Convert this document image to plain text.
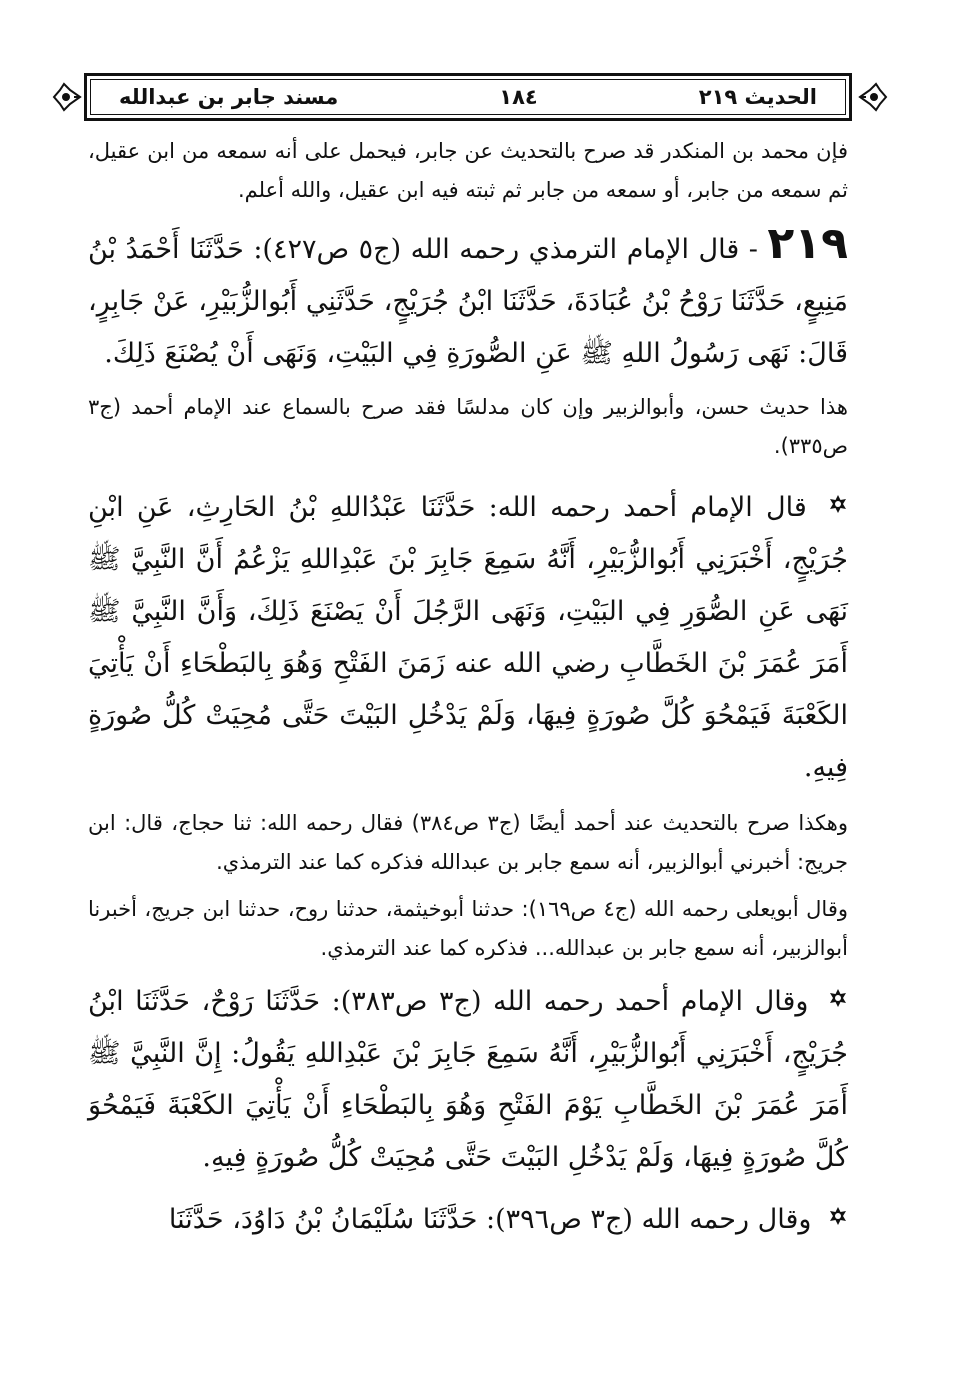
الحديث ٢١٩
١٨٤
مسند جابر بن عبدالله

فإن محمد بن المنكدر قد صرح بالتحديث عن جابر، فيحمل على أنه سمعه من ابن عقيل، ثم سمعه من جابر، أو سمعه من جابر ثم ثبته فيه ابن عقيل، والله أعلم.

٢١٩ - قال الإمام الترمذي رحمه الله (ج٥ ص٤٢٧): حَدَّثَنَا أَحْمَدُ بْنُ مَنِيعٍ، حَدَّثَنَا رَوْحُ بْنُ عُبَادَةَ، حَدَّثَنَا ابْنُ جُرَيْجٍ، حَدَّثَنِي أَبُوالزُّبَيْرِ، عَنْ جَابِرٍ، قَالَ: نَهَى رَسُولُ اللهِ ﷺ عَنِ الصُّورَةِ فِي البَيْتِ، وَنَهَى أَنْ يُصْنَعَ ذَلِكَ.

هذا حديث حسن، وأبوالزبير وإن كان مدلسًا فقد صرح بالسماع عند الإمام أحمد (ج٣ ص٣٣٥).

قال الإمام أحمد رحمه الله: حَدَّثَنَا عَبْدُاللهِ بْنُ الحَارِثِ، عَنِ ابْنِ جُرَيْجٍ، أَخْبَرَنِي أَبُوالزُّبَيْرِ، أَنَّهُ سَمِعَ جَابِرَ بْنَ عَبْدِاللهِ يَزْعُمُ أَنَّ النَّبِيَّ ﷺ نَهَى عَنِ الصُّوَرِ فِي البَيْتِ، وَنَهَى الرَّجُلَ أَنْ يَصْنَعَ ذَلِكَ، وَأَنَّ النَّبِيَّ ﷺ أَمَرَ عُمَرَ بْنَ الخَطَّابِ رضي الله عنه زَمَنَ الفَتْحِ وَهُوَ بِالبَطْحَاءِ أَنْ يَأْتِيَ الكَعْبَةَ فَيَمْحُوَ كُلَّ صُورَةٍ فِيهَا، وَلَمْ يَدْخُلِ البَيْتَ حَتَّى مُحِيَتْ كُلُّ صُورَةٍ فِيهِ.

وهكذا صرح بالتحديث عند أحمد أيضًا (ج٣ ص٣٨٤) فقال رحمه الله: ثنا حجاج، قال: ابن جريج: أخبرني أبوالزبير، أنه سمع جابر بن عبدالله فذكره كما عند الترمذي.

وقال أبويعلى رحمه الله (ج٤ ص١٦٩): حدثنا أبوخيثمة، حدثنا روح، حدثنا ابن جريج، أخبرنا أبوالزبير، أنه سمع جابر بن عبدالله... فذكره كما عند الترمذي.

وقال الإمام أحمد رحمه الله (ج٣ ص٣٨٣): حَدَّثَنَا رَوْحٌ، حَدَّثَنَا ابْنُ جُرَيْجٍ، أَخْبَرَنِي أَبُوالزُّبَيْرِ، أَنَّهُ سَمِعَ جَابِرَ بْنَ عَبْدِاللهِ يَقُولُ: إِنَّ النَّبِيَّ ﷺ أَمَرَ عُمَرَ بْنَ الخَطَّابِ يَوْمَ الفَتْحِ وَهُوَ بِالبَطْحَاءِ أَنْ يَأْتِيَ الكَعْبَةَ فَيَمْحُوَ كُلَّ صُورَةٍ فِيهَا، وَلَمْ يَدْخُلِ البَيْتَ حَتَّى مُحِيَتْ كُلُّ صُورَةٍ فِيهِ.

وقال رحمه الله (ج٣ ص٣٩٦): حَدَّثَنَا سُلَيْمَانُ بْنُ دَاوُدَ، حَدَّثَنَا
